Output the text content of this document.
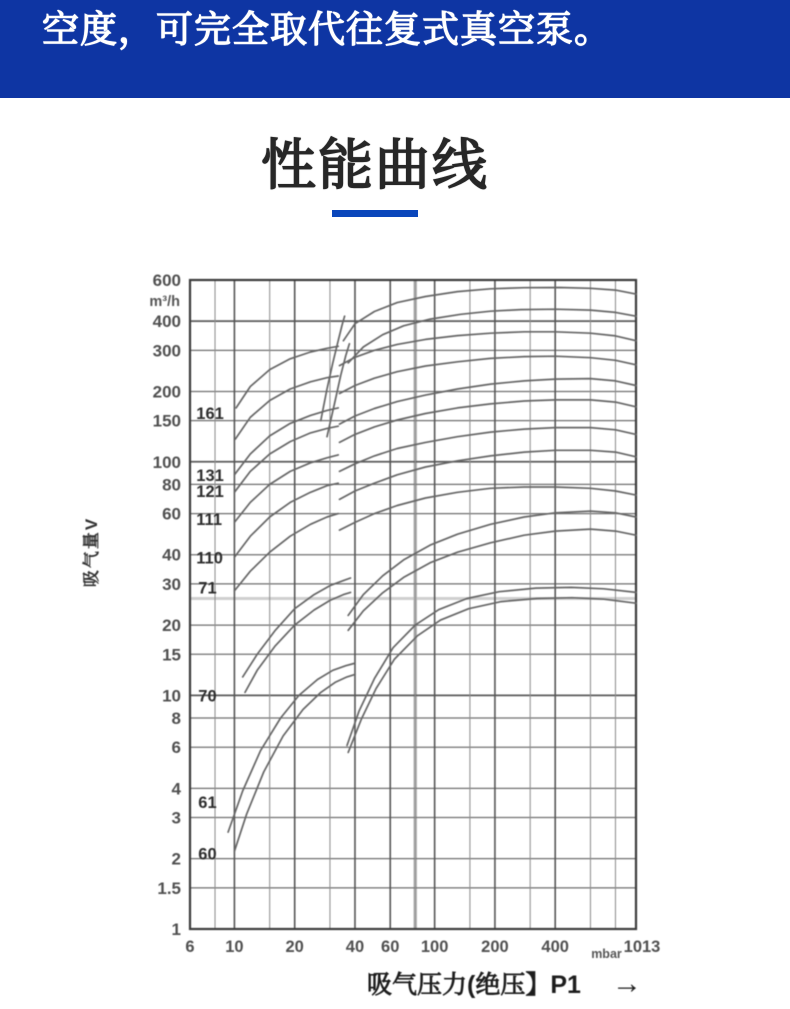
空度，可完全取代往复式真空泵。
性能曲线
161
131
121
111
110
71
70
61
60
600
400
300
200
150
100
80
60
40
30
20
15
10
8
6
4
3
2
1.5
1
m³/h
6 10	20	40 60 100 200 400	1013
mbar
吸气压力(绝压】P1 →
吸气量V
